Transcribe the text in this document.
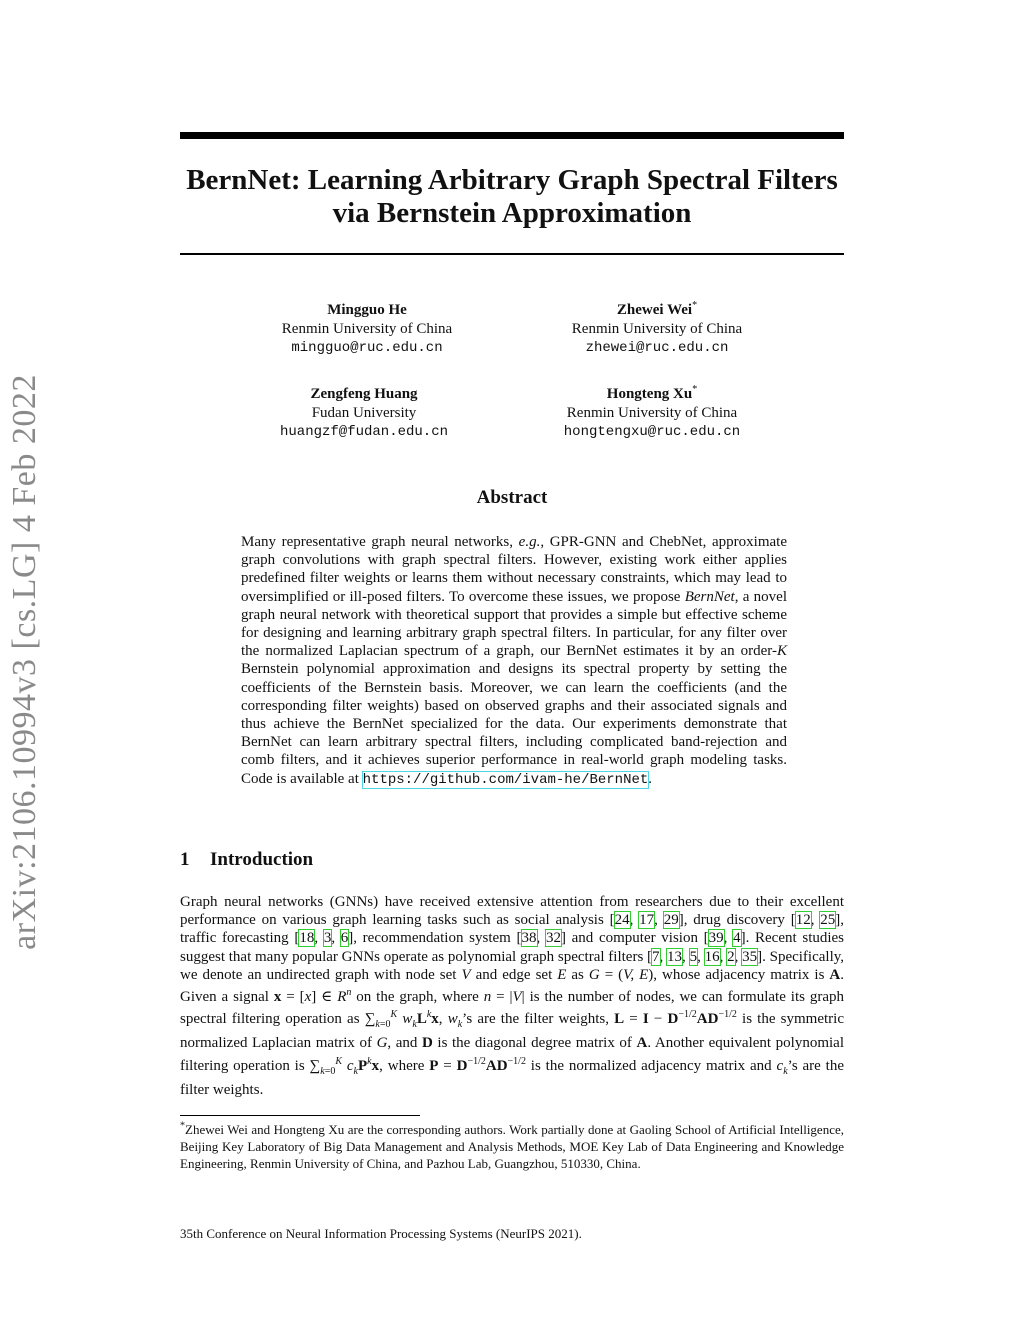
arXiv:2106.10994v3 [cs.LG] 4 Feb 2022
BernNet: Learning Arbitrary Graph Spectral Filters
via Bernstein Approximation
Mingguo He
Renmin University of China
mingguo@ruc.edu.cn
Zhewei Wei*
Renmin University of China
zhewei@ruc.edu.cn
Zengfeng Huang
Fudan University
huangzf@fudan.edu.cn
Hongteng Xu*
Renmin University of China
hongtengxu@ruc.edu.cn
Abstract
Many representative graph neural networks, e.g., GPR-GNN and ChebNet, approximate graph convolutions with graph spectral filters. However, existing work either applies predefined filter weights or learns them without necessary constraints, which may lead to oversimplified or ill-posed filters. To overcome these issues, we propose BernNet, a novel graph neural network with theoretical support that provides a simple but effective scheme for designing and learning arbitrary graph spectral filters. In particular, for any filter over the normalized Laplacian spectrum of a graph, our BernNet estimates it by an order-K Bernstein polynomial approximation and designs its spectral property by setting the coefficients of the Bernstein basis. Moreover, we can learn the coefficients (and the corresponding filter weights) based on observed graphs and their associated signals and thus achieve the BernNet specialized for the data. Our experiments demonstrate that BernNet can learn arbitrary spectral filters, including complicated band-rejection and comb filters, and it achieves superior performance in real-world graph modeling tasks. Code is available at https://github.com/ivam-he/BernNet.
1 Introduction
Graph neural networks (GNNs) have received extensive attention from researchers due to their excellent performance on various graph learning tasks such as social analysis [24, 17, 29], drug discovery [12, 25], traffic forecasting [18, 3, 6], recommendation system [38, 32] and computer vision [39, 4]. Recent studies suggest that many popular GNNs operate as polynomial graph spectral filters [7, 13, 5, 16, 2, 35]. Specifically, we denote an undirected graph with node set V and edge set E as G = (V, E), whose adjacency matrix is A. Given a signal x = [x] ∈ $R^n$ on the graph, where n = |V| is the number of nodes, we can formulate its graph spectral filtering operation as $\sum_{k=0}^K$ $w_kL^kx$, $w_k’s$ are the filter weights, $L = I - D^{-1/2}AD^{-1/2}$ is the symmetric normalized Laplacian matrix of G, and D is the diagonal degree matrix of A. Another equivalent polynomial filtering operation is $\sum_{k=0}^K$ $c_kP^kx$, where $P = D^{-1/2}AD^{-1/2}$ is the normalized adjacency matrix and $c_k’s$ are the filter weights.
*Zhewei Wei and Hongteng Xu are the corresponding authors. Work partially done at Gaoling School of Artificial Intelligence, Beijing Key Laboratory of Big Data Management and Analysis Methods, MOE Key Lab of Data Engineering and Knowledge Engineering, Renmin University of China, and Pazhou Lab, Guangzhou, 510330, China.
35th Conference on Neural Information Processing Systems (NeurIPS 2021).
